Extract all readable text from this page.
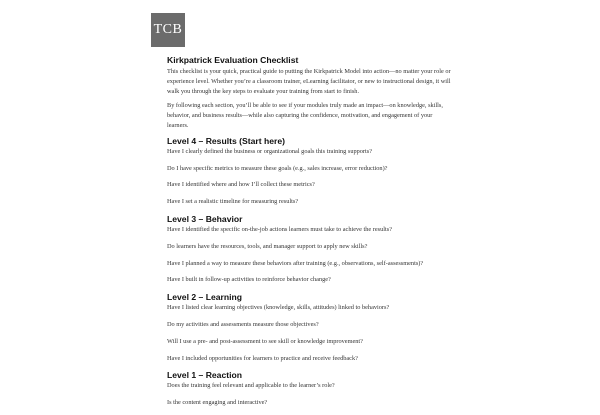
TCB
Kirkpatrick Evaluation Checklist

This checklist is your quick, practical guide to putting the Kirkpatrick Model into action—no matter your role or experience level. Whether you’re a classroom trainer, eLearning facilitator, or new to instructional design, it will walk you through the key steps to evaluate your training from start to finish.

By following each section, you’ll be able to see if your modules truly made an impact—on knowledge, skills, behavior, and business results—while also capturing the confidence, motivation, and engagement of your learners.

Level 4 – Results (Start here)

Have I clearly defined the business or organizational goals this training supports?

Do I have specific metrics to measure these goals (e.g., sales increase, error reduction)?

Have I identified where and how I’ll collect these metrics?

Have I set a realistic timeline for measuring results?

Level 3 – Behavior

Have I identified the specific on-the-job actions learners must take to achieve the results?

Do learners have the resources, tools, and manager support to apply new skills?

Have I planned a way to measure these behaviors after training (e.g., observations, self-assessments)?

Have I built in follow-up activities to reinforce behavior change?

Level 2 – Learning

Have I listed clear learning objectives (knowledge, skills, attitudes) linked to behaviors?

Do my activities and assessments measure those objectives?

Will I use a pre- and post-assessment to see skill or knowledge improvement?

Have I included opportunities for learners to practice and receive feedback?

Level 1 – Reaction

Does the training feel relevant and applicable to the learner’s role?

Is the content engaging and interactive?
